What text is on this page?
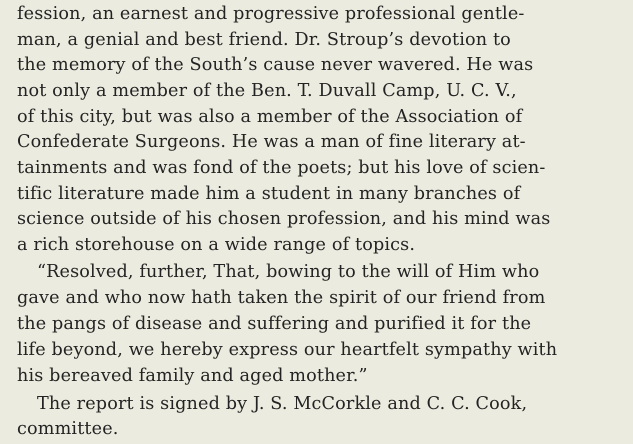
fession, an earnest and progressive professional gentle-
man, a genial and best friend. Dr. Stroup’s devotion to
the memory of the South’s cause never wavered. He was
not only a member of the Ben. T. Duvall Camp, U. C. V.,
of this city, but was also a member of the Association of
Confederate Surgeons. He was a man of fine literary at-
tainments and was fond of the poets; but his love of scien-
tific literature made him a student in many branches of
science outside of his chosen profession, and his mind was
a rich storehouse on a wide range of topics.
“Resolved, further, That, bowing to the will of Him who
gave and who now hath taken the spirit of our friend from
the pangs of disease and suffering and purified it for the
life beyond, we hereby express our heartfelt sympathy with
his bereaved family and aged mother.”
The report is signed by J. S. McCorkle and C. C. Cook,
committee.
